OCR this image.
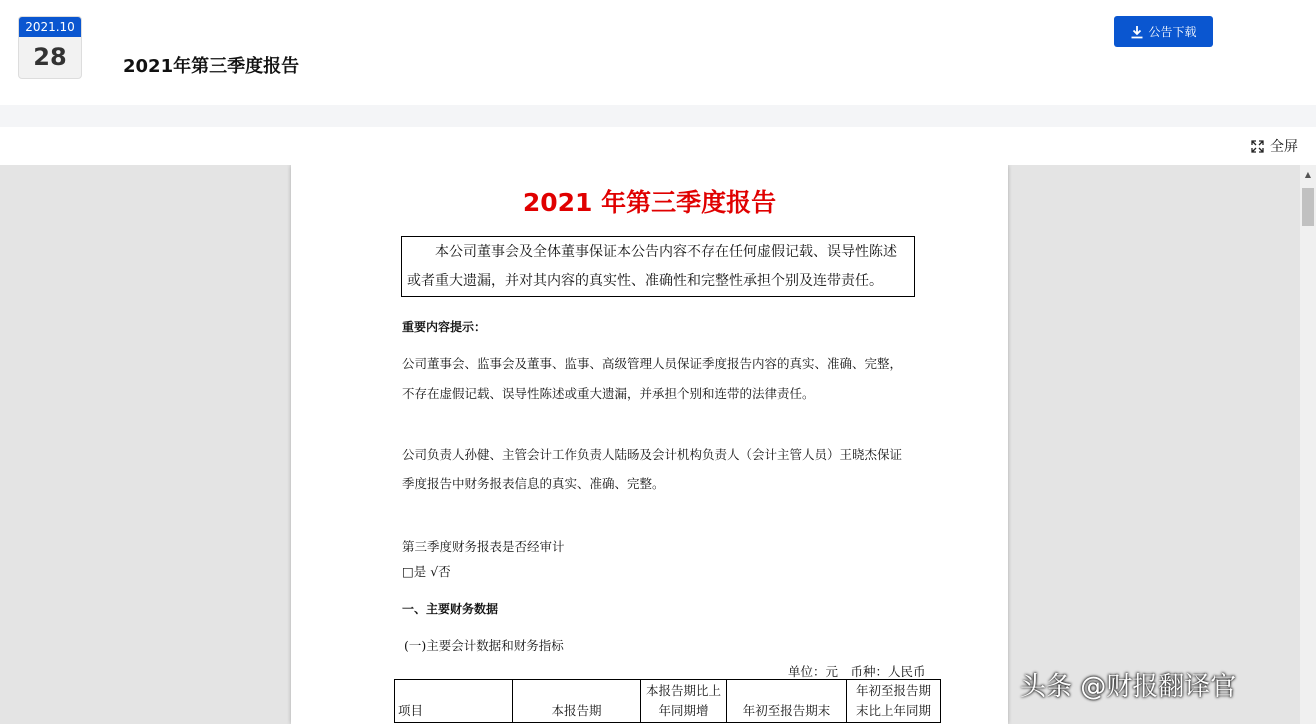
2021.10
28	2021年第三季度报告
公告下载
全屏
2021 年第三季度报告
本公司董事会及全体董事保证本公告内容不存在任何虚假记载、误导性陈述或者重大遗漏，并对其内容的真实性、准确性和完整性承担个别及连带责任。
重要内容提示：
公司董事会、监事会及董事、监事、高级管理人员保证季度报告内容的真实、准确、完整，
不存在虚假记载、误导性陈述或重大遗漏，并承担个别和连带的法律责任。
公司负责人孙健、主管会计工作负责人陆旸及会计机构负责人（会计主管人员）王晓杰保证
季度报告中财务报表信息的真实、准确、完整。
第三季度财务报表是否经审计
□是 √否
一、主要财务数据
(一)主要会计数据和财务指标
单位：元　币种：人民币
项目	本报告期	本报告期比上年同期增	年初至报告期末	年初至报告期末比上年同期
▲
头条 @财报翻译官
